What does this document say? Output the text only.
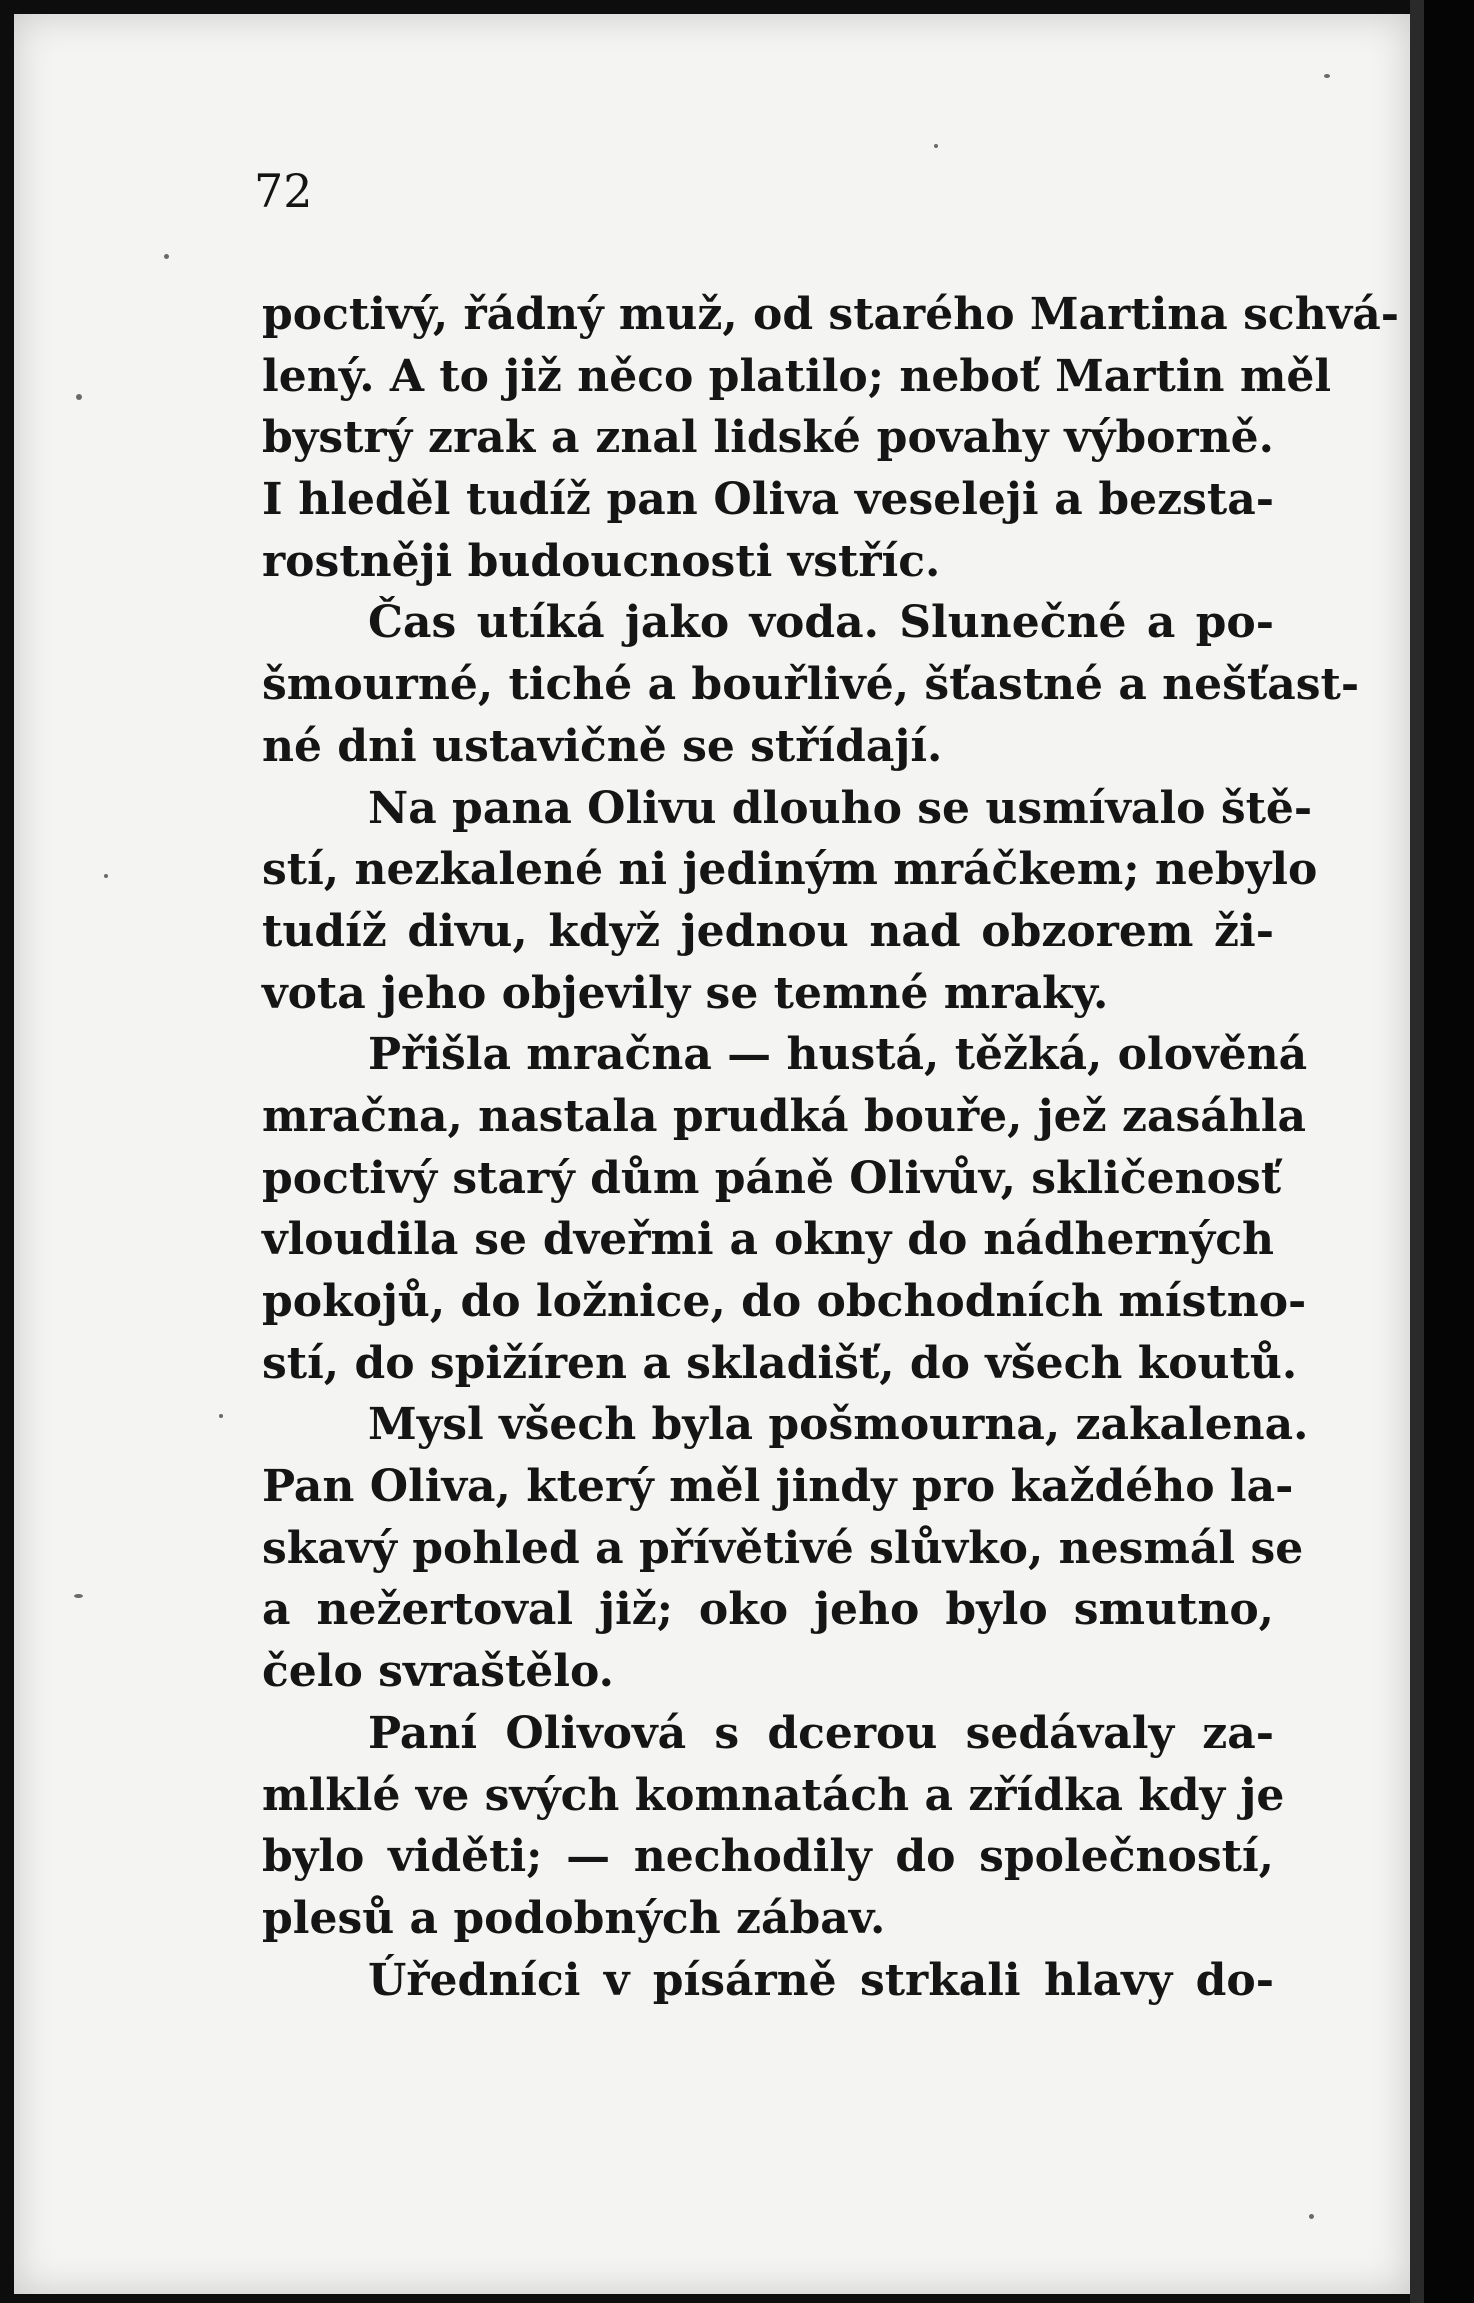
72
poctivý, řádný muž, od starého Martina schvá-
lený. A to již něco platilo; neboť Martin měl
bystrý zrak a znal lidské povahy výborně.
I hleděl tudíž pan Oliva veseleji a bezsta-
rostněji budoucnosti vstříc.
Čas utíká jako voda. Slunečné a po-
šmourné, tiché a bouřlivé, šťastné a nešťast-
né dni ustavičně se střídají.
Na pana Olivu dlouho se usmívalo ště-
stí, nezkalené ni jediným mráčkem; nebylo
tudíž divu, když jednou nad obzorem ži-
vota jeho objevily se temné mraky.
Přišla mračna — hustá, těžká, olověná
mračna, nastala prudká bouře, jež zasáhla
poctivý starý dům páně Olivův, skličenosť
vloudila se dveřmi a okny do nádherných
pokojů, do ložnice, do obchodních místno-
stí, do spižíren a skladišť, do všech koutů.
Mysl všech byla pošmourna, zakalena.
Pan Oliva, který měl jindy pro každého la-
skavý pohled a přívětivé slůvko, nesmál se
a nežertoval již; oko jeho bylo smutno,
čelo svraštělo.
Paní Olivová s dcerou sedávaly za-
mlklé ve svých komnatách a zřídka kdy je
bylo viděti; — nechodily do společností,
plesů a podobných zábav.
Úředníci v písárně strkali hlavy do-
